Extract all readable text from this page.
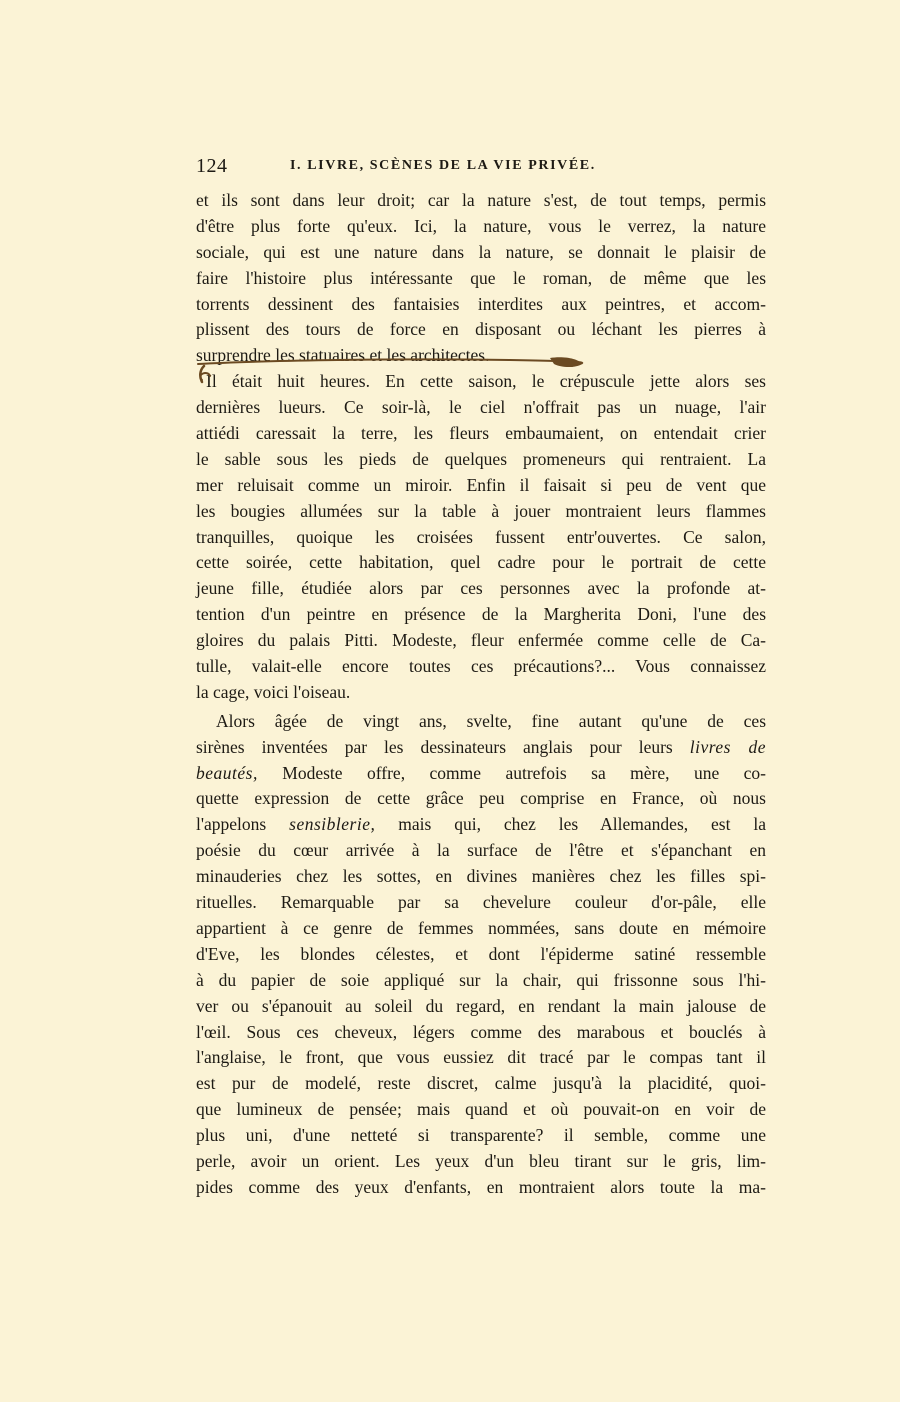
124	I. LIVRE, SCÈNES DE LA VIE PRIVÉE.
et ils sont dans leur droit; car la nature s'est, de tout temps, permis
d'être plus forte qu'eux. Ici, la nature, vous le verrez, la nature
sociale, qui est une nature dans la nature, se donnait le plaisir de
faire l'histoire plus intéressante que le roman, de même que les
torrents dessinent des fantaisies interdites aux peintres, et accom-
plissent des tours de force en disposant ou léchant les pierres à
surprendre les statuaires et les architectes.
Il était huit heures. En cette saison, le crépuscule jette alors ses
dernières lueurs. Ce soir-là, le ciel n'offrait pas un nuage, l'air
attiédi caressait la terre, les fleurs embaumaient, on entendait crier
le sable sous les pieds de quelques promeneurs qui rentraient. La
mer reluisait comme un miroir. Enfin il faisait si peu de vent que
les bougies allumées sur la table à jouer montraient leurs flammes
tranquilles, quoique les croisées fussent entr'ouvertes. Ce salon,
cette soirée, cette habitation, quel cadre pour le portrait de cette
jeune fille, étudiée alors par ces personnes avec la profonde at-
tention d'un peintre en présence de la Margherita Doni, l'une des
gloires du palais Pitti. Modeste, fleur enfermée comme celle de Ca-
tulle, valait-elle encore toutes ces précautions?... Vous connaissez
la cage, voici l'oiseau.
Alors âgée de vingt ans, svelte, fine autant qu'une de ces
sirènes inventées par les dessinateurs anglais pour leurs livres de
beautés, Modeste offre, comme autrefois sa mère, une co-
quette expression de cette grâce peu comprise en France, où nous
l'appelons sensiblerie, mais qui, chez les Allemandes, est la
poésie du cœur arrivée à la surface de l'être et s'épanchant en
minauderies chez les sottes, en divines manières chez les filles spi-
rituelles. Remarquable par sa chevelure couleur d'or-pâle, elle
appartient à ce genre de femmes nommées, sans doute en mémoire
d'Eve, les blondes célestes, et dont l'épiderme satiné ressemble
à du papier de soie appliqué sur la chair, qui frissonne sous l'hi-
ver ou s'épanouit au soleil du regard, en rendant la main jalouse de
l'œil. Sous ces cheveux, légers comme des marabous et bouclés à
l'anglaise, le front, que vous eussiez dit tracé par le compas tant il
est pur de modelé, reste discret, calme jusqu'à la placidité, quoi-
que lumineux de pensée; mais quand et où pouvait-on en voir de
plus uni, d'une netteté si transparente? il semble, comme une
perle, avoir un orient. Les yeux d'un bleu tirant sur le gris, lim-
pides comme des yeux d'enfants, en montraient alors toute la ma-
